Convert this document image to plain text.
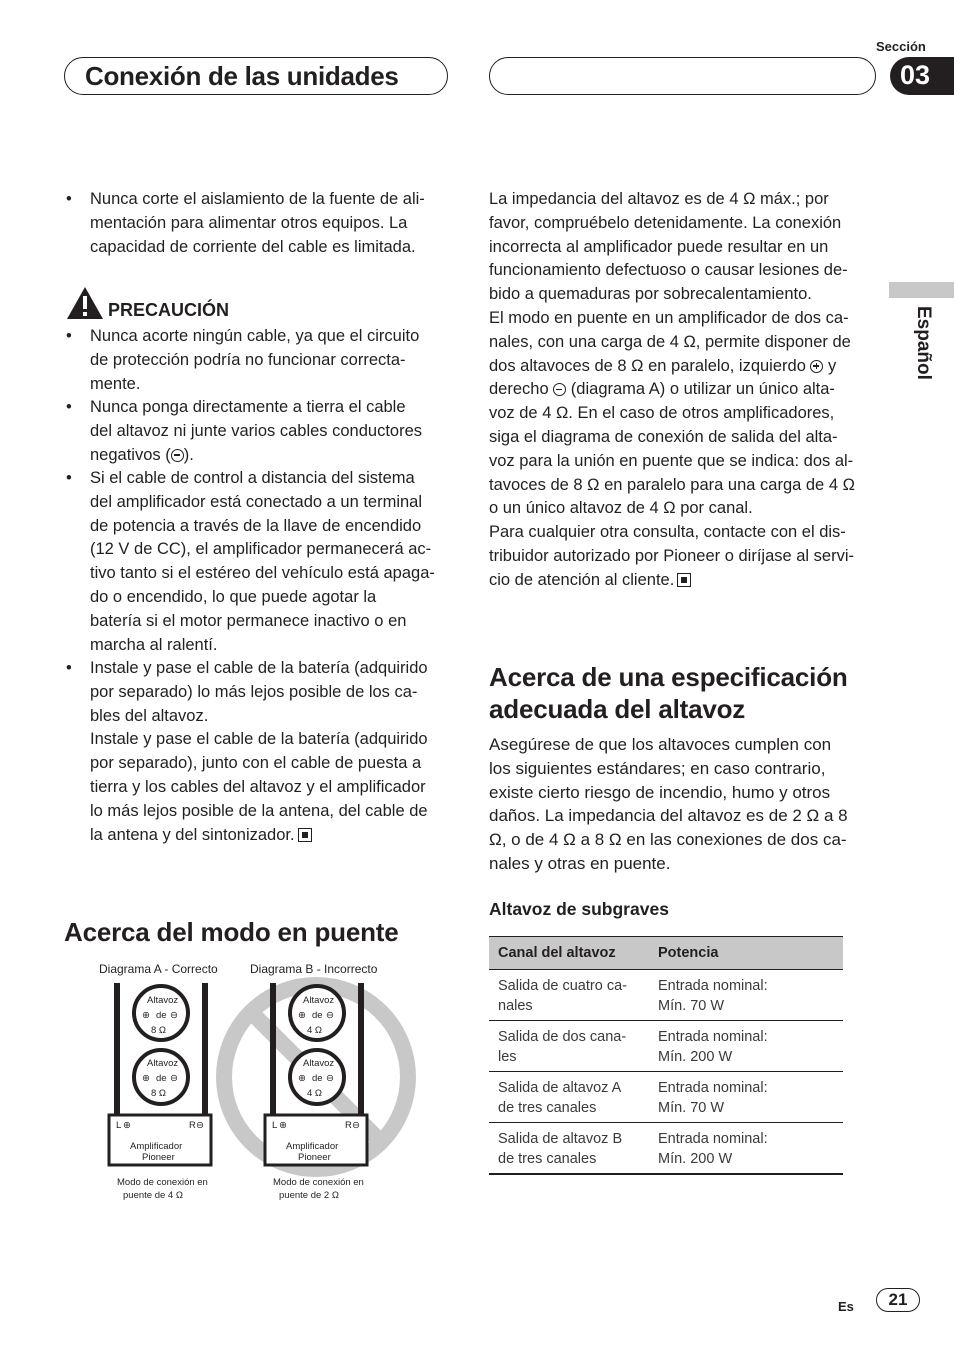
Conexión de las unidades
Sección
03
Español
• Nunca corte el aislamiento de la fuente de ali-
mentación para alimentar otros equipos. La
capacidad de corriente del cable es limitada.
PRECAUCIÓN
• Nunca acorte ningún cable, ya que el circuito
de protección podría no funcionar correcta-
mente.
• Nunca ponga directamente a tierra el cable
del altavoz ni junte varios cables conductores
negativos ( ).
• Si el cable de control a distancia del sistema
del amplificador está conectado a un terminal
de potencia a través de la llave de encendido
(12 V de CC), el amplificador permanecerá ac-
tivo tanto si el estéreo del vehículo está apaga-
do o encendido, lo que puede agotar la
batería si el motor permanece inactivo o en
marcha al ralentí.
• Instale y pase el cable de la batería (adquirido
por separado) lo más lejos posible de los ca-
bles del altavoz.
Instale y pase el cable de la batería (adquirido
por separado), junto con el cable de puesta a
tierra y los cables del altavoz y el amplificador
lo más lejos posible de la antena, del cable de
la antena y del sintonizador.
Acerca del modo en puente
Diagrama A - Correcto
Altavoz
⊕ de ⊖
8 Ω
Altavoz
⊕ de ⊖
8 Ω
L ⊕	R ⊖
Amplificador
Pioneer
Modo de conexión en
puente de 4 Ω
Diagrama B - Incorrecto
Altavoz
⊕ de ⊖
4 Ω
Altavoz
⊕ de ⊖
4 Ω
L ⊕	R ⊖
Amplificador
Pioneer
Modo de conexión en
puente de 2 Ω
La impedancia del altavoz es de 4 Ω máx.; por
favor, compruébelo detenidamente. La conexión
incorrecta al amplificador puede resultar en un
funcionamiento defectuoso o causar lesiones de-
bido a quemaduras por sobrecalentamiento.
El modo en puente en un amplificador de dos ca-
nales, con una carga de 4 Ω, permite disponer de
dos altavoces de 8 Ω en paralelo, izquierdo  y
derecho  (diagrama A) o utilizar un único alta-
voz de 4 Ω. En el caso de otros amplificadores,
siga el diagrama de conexión de salida del alta-
voz para la unión en puente que se indica: dos al-
tavoces de 8 Ω en paralelo para una carga de 4 Ω
o un único altavoz de 4 Ω por canal.
Para cualquier otra consulta, contacte con el dis-
tribuidor autorizado por Pioneer o diríjase al servi-
cio de atención al cliente.
Acerca de una especificación
adecuada del altavoz
Asegúrese de que los altavoces cumplen con
los siguientes estándares; en caso contrario,
existe cierto riesgo de incendio, humo y otros
daños. La impedancia del altavoz es de 2 Ω a 8
Ω, o de 4 Ω a 8 Ω en las conexiones de dos ca-
nales y otras en puente.
Altavoz de subgraves
Canal del altavoz	Potencia
Salida de cuatro ca-
nales	Entrada nominal:
Mín. 70 W
Salida de dos cana-
les	Entrada nominal:
Mín. 200 W
Salida de altavoz A
de tres canales	Entrada nominal:
Mín. 70 W
Salida de altavoz B
de tres canales	Entrada nominal:
Mín. 200 W
Es	21
